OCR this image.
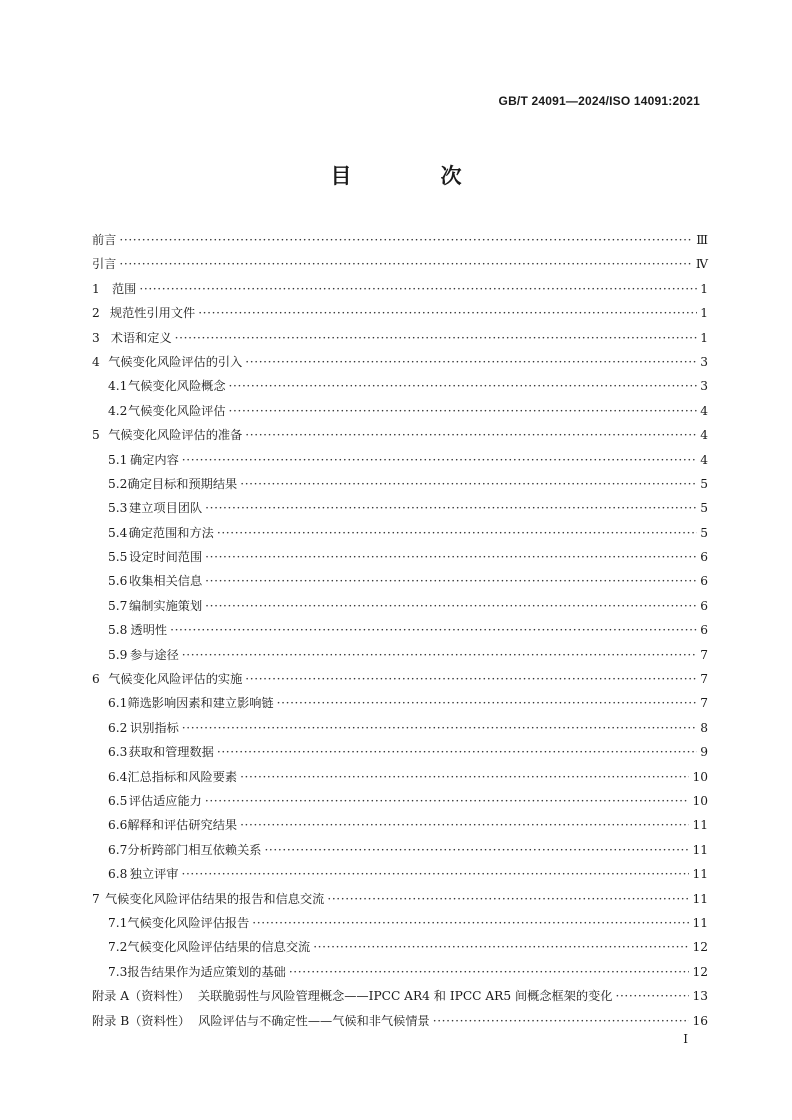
GB/T 24091—2024/ISO 14091:2021
目　次
前言 ·····	Ⅲ
引言 ·····	Ⅳ
1	范围 ·····	1
2 规范性引用文件 ·····	1
3 术语和定义 ·····	1
4 气候变化风险评估的引入 ·····	3
4.1 气候变化风险概念 ·····	3
4.2 气候变化风险评估 ·····	4
5 气候变化风险评估的准备 ·····	4
5.1 确定内容 ·····	4
5.2 确定目标和预期结果 ·····	5
5.3 建立项目团队 ·····	5
5.4 确定范围和方法 ·····	5
5.5 设定时间范围 ·····	6
5.6 收集相关信息 ·····	6
5.7 编制实施策划 ·····	6
5.8 透明性 ·····	6
5.9 参与途径 ·····	7
6 气候变化风险评估的实施 ·····	7
6.1 筛选影响因素和建立影响链 ·····	7
6.2 识别指标 ·····	8
6.3 获取和管理数据 ·····	9
6.4 汇总指标和风险要素 ·····	10
6.5 评估适应能力 ·····	10
6.6 解释和评估研究结果 ·····	11
6.7 分析跨部门相互依赖关系 ·····	11
6.8 独立评审 ·····	11
7 气候变化风险评估结果的报告和信息交流 ·····	11
7.1 气候变化风险评估报告 ·····	11
7.2 气候变化风险评估结果的信息交流 ·····	12
7.3 报告结果作为适应策划的基础 ·····	12
附录 A（资料性） 关联脆弱性与风险管理概念——IPCC AR4 和 IPCC AR5 间概念框架的变化 ·····	13
附录 B（资料性） 风险评估与不确定性——气候和非气候情景 ·····	16
I
